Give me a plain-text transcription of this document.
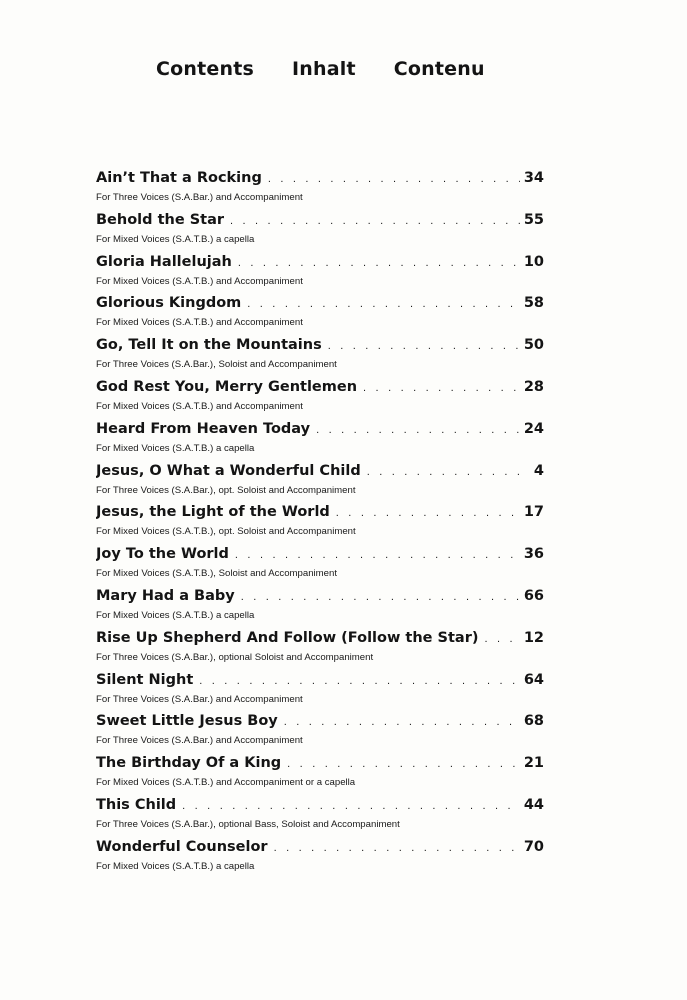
Contents Inhalt Contenu
Ain’t That a Rocking . . .	34
For Three Voices (S.A.Bar.) and Accompaniment
Behold the Star . . .	55
For Mixed Voices (S.A.T.B.) a capella
Gloria Hallelujah . . .	10
For Mixed Voices (S.A.T.B.) and Accompaniment
Glorious Kingdom . . .	58
For Mixed Voices (S.A.T.B.) and Accompaniment
Go, Tell It on the Mountains . . .	50
For Three Voices (S.A.Bar.), Soloist and Accompaniment
God Rest You, Merry Gentlemen . . .	28
For Mixed Voices (S.A.T.B.) and Accompaniment
Heard From Heaven Today . . .	24
For Mixed Voices (S.A.T.B.) a capella
Jesus, O What a Wonderful Child . . .	4
For Three Voices (S.A.Bar.), opt. Soloist and Accompaniment
Jesus, the Light of the World . . .	17
For Mixed Voices (S.A.T.B.), opt. Soloist and Accompaniment
Joy To the World . . .	36
For Mixed Voices (S.A.T.B.), Soloist and Accompaniment
Mary Had a Baby . . .	66
For Mixed Voices (S.A.T.B.) a capella
Rise Up Shepherd And Follow (Follow the Star) . . .	12
For Three Voices (S.A.Bar.), optional Soloist and Accompaniment
Silent Night . . .	64
For Three Voices (S.A.Bar.) and Accompaniment
Sweet Little Jesus Boy . . .	68
For Three Voices (S.A.Bar.) and Accompaniment
The Birthday Of a King . . .	21
For Mixed Voices (S.A.T.B.) and Accompaniment or a capella
This Child . . .	44
For Three Voices (S.A.Bar.), optional Bass, Soloist and Accompaniment
Wonderful Counselor . . .	70
For Mixed Voices (S.A.T.B.) a capella
